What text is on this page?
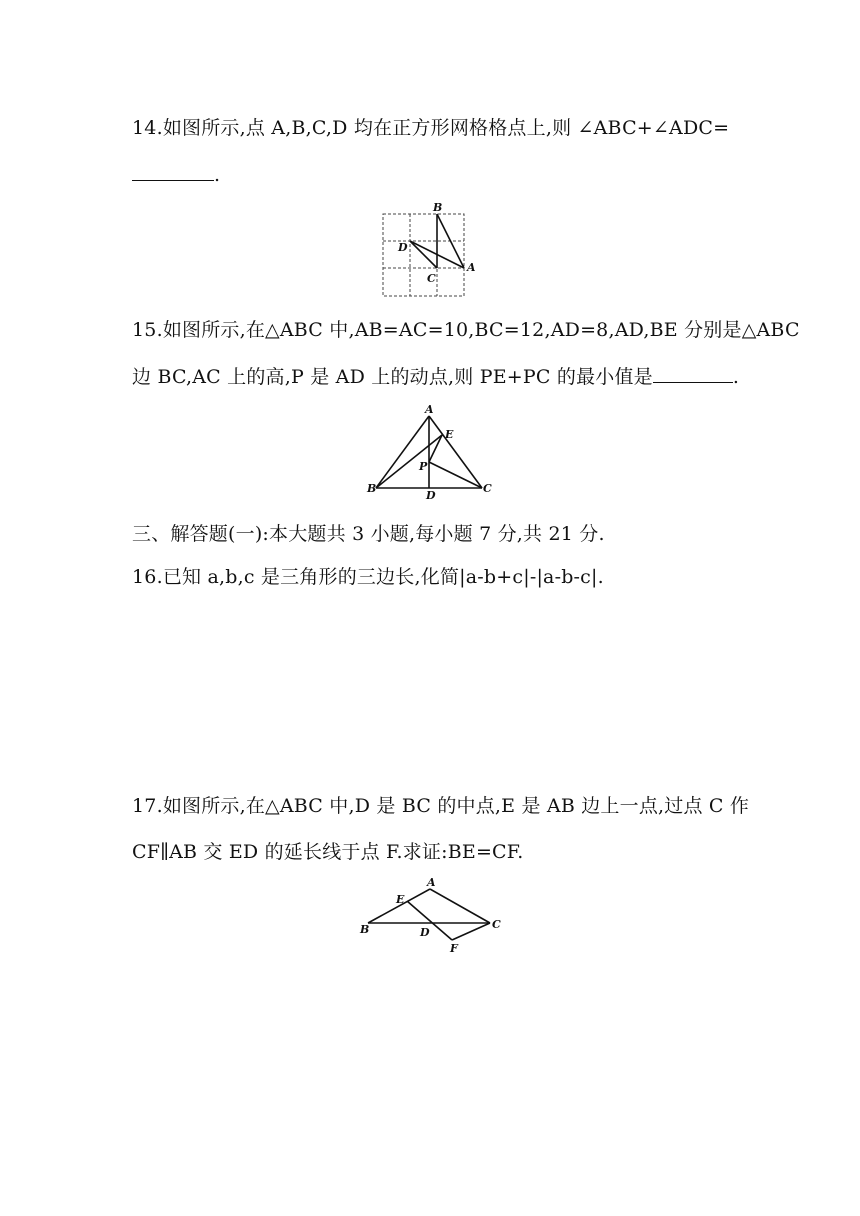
14.如图所示,点 A,B,C,D 均在正方形网格格点上,则 ∠ABC+∠ADC=
.
B
D
C
A
15.如图所示,在△ABC 中,AB=AC=10,BC=12,AD=8,AD,BE 分别是△ABC
边 BC,AC 上的高,P 是 AD 上的动点,则 PE+PC 的最小值是	.
A
E
P
B
D
C
三、解答题(一):本大题共 3 小题,每小题 7 分,共 21 分.
16.已知 a,b,c 是三角形的三边长,化简|a-b+c|-|a-b-c|.
17.如图所示,在△ABC 中,D 是 BC 的中点,E 是 AB 边上一点,过点 C 作
CF∥AB 交 ED 的延长线于点 F.求证:BE=CF.
A
E
B	D
C
F
